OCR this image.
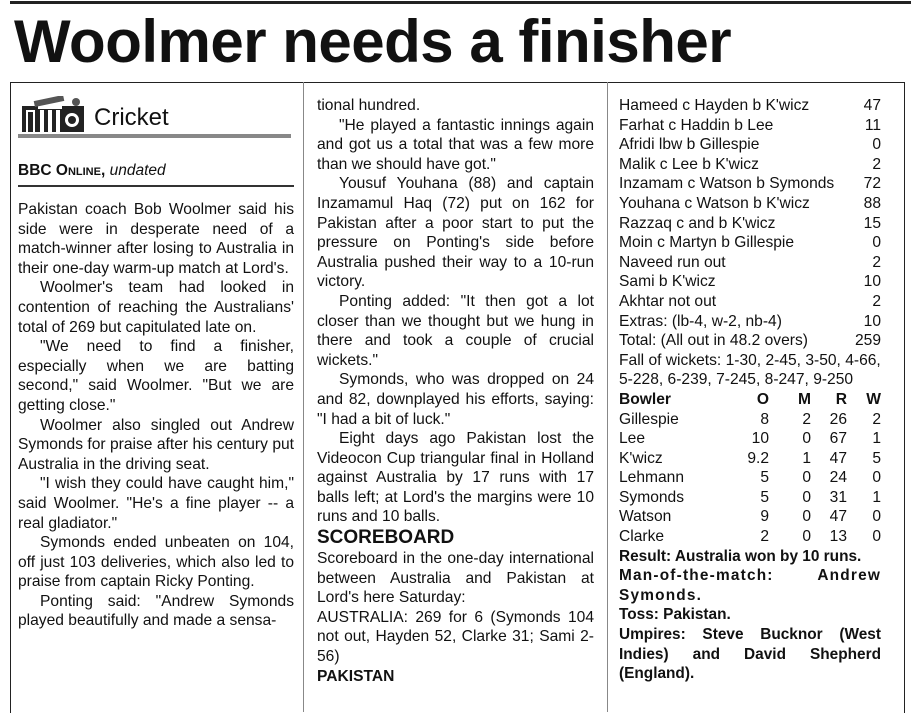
Woolmer needs a finisher
Cricket
BBC Online, undated

Pakistan coach Bob Woolmer said his side were in desperate need of a match-winner after losing to Australia in their one-day warm-up match at Lord's.

Woolmer's team had looked in contention of reaching the Australians' total of 269 but capitulated late on.

"We need to find a finisher, especially when we are batting second," said Woolmer. "But we are getting close."

Woolmer also singled out Andrew Symonds for praise after his century put Australia in the driving seat.

"I wish they could have caught him," said Woolmer. "He's a fine player -- a real gladiator."

Symonds ended unbeaten on 104, off just 103 deliveries, which also led to praise from captain Ricky Ponting.

Ponting said: "Andrew Symonds played beautifully and made a sensa-

tional hundred.

"He played a fantastic innings again and got us a total that was a few more than we should have got."

Yousuf Youhana (88) and captain Inzamamul Haq (72) put on 162 for Pakistan after a poor start to put the pressure on Ponting's side before Australia pushed their way to a 10-run victory.

Ponting added: "It then got a lot closer than we thought but we hung in there and took a couple of crucial wickets."

Symonds, who was dropped on 24 and 82, downplayed his efforts, saying: "I had a bit of luck."

Eight days ago Pakistan lost the Videocon Cup triangular final in Holland against Australia by 17 runs with 17 balls left; at Lord's the margins were 10 runs and 10 balls.

SCOREBOARD

Scoreboard in the one-day international between Australia and Pakistan at Lord's here Saturday:

AUSTRALIA: 269 for 6 (Symonds 104 not out, Hayden 52, Clarke 31; Sami 2-56)

PAKISTAN

Hameed c Hayden b K'wicz	47
Farhat c Haddin b Lee	11
Afridi lbw b Gillespie	0
Malik c Lee b K'wicz	2
Inzamam c Watson b Symonds	72
Youhana c Watson b K'wicz	88
Razzaq c and b K'wicz	15
Moin c Martyn b Gillespie	0
Naveed run out	2
Sami b K'wicz	10
Akhtar not out	2
Extras: (lb-4, w-2, nb-4)	10
Total: (All out in 48.2 overs)	259

Fall of wickets: 1-30, 2-45, 3-50, 4-66, 5-228, 6-239, 7-245, 8-247, 9-250

Bowler	O	M	R	W
Gillespie	8	2	26	2
Lee	10	0	67	1
K'wicz	9.2	1	47	5
Lehmann	5	0	24	0
Symonds	5	0	31	1
Watson	9	0	47	0
Clarke	2	0	13	0

Result: Australia won by 10 runs.

Man-of-the-match: Andrew Symonds.

Toss: Pakistan.

Umpires: Steve Bucknor (West Indies) and David Shepherd (England).
